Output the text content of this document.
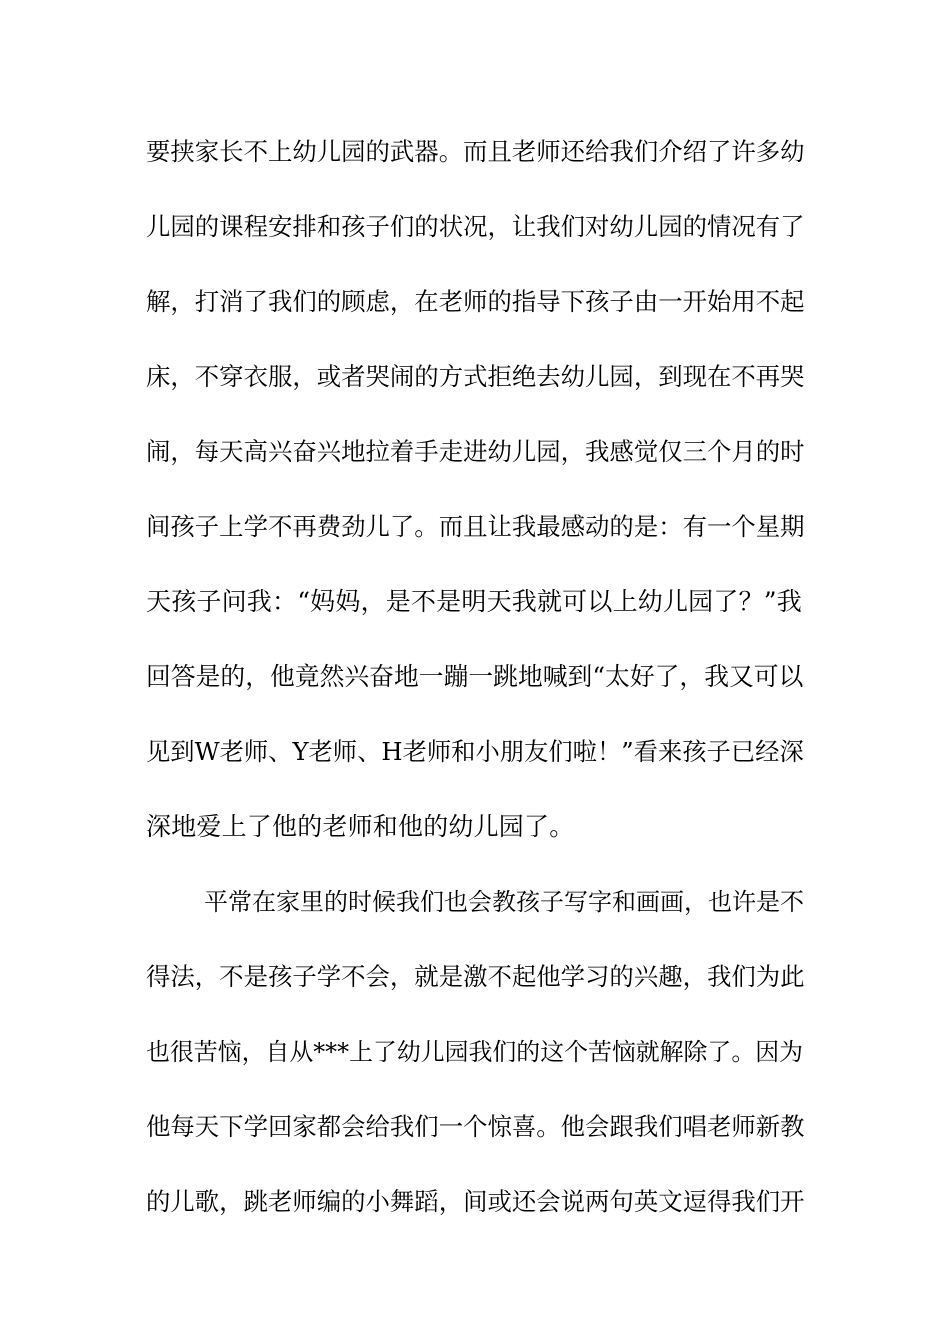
要挟家长不上幼儿园的武器。而且老师还给我们介绍了许多幼
儿园的课程安排和孩子们的状况，让我们对幼儿园的情况有了
解，打消了我们的顾虑，在老师的指导下孩子由一开始用不起
床，不穿衣服，或者哭闹的方式拒绝去幼儿园，到现在不再哭
闹，每天高兴奋兴地拉着手走进幼儿园，我感觉仅三个月的时
间孩子上学不再费劲儿了。而且让我最感动的是：有一个星期
天孩子问我：“妈妈，是不是明天我就可以上幼儿园了？”我
回答是的，他竟然兴奋地一蹦一跳地喊到“太好了，我又可以
见到W老师、Y老师、H老师和小朋友们啦！”看来孩子已经深
深地爱上了他的老师和他的幼儿园了。
平常在家里的时候我们也会教孩子写字和画画，也许是不
得法，不是孩子学不会，就是激不起他学习的兴趣，我们为此
也很苦恼，自从***上了幼儿园我们的这个苦恼就解除了。因为
他每天下学回家都会给我们一个惊喜。他会跟我们唱老师新教
的儿歌，跳老师编的小舞蹈，间或还会说两句英文逗得我们开
